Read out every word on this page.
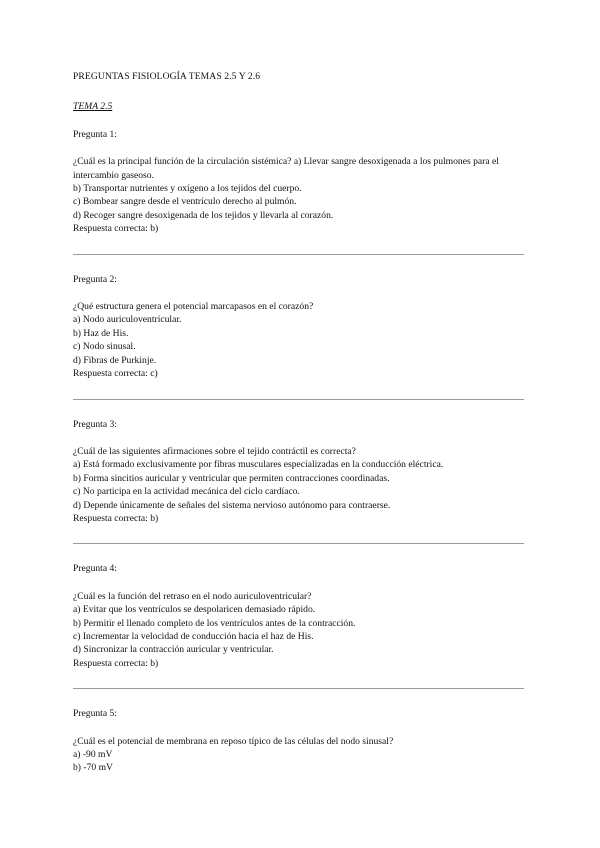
PREGUNTAS FISIOLOGÍA TEMAS 2.5 Y 2.6
TEMA 2.5

Pregunta 1:

¿Cuál es la principal función de la circulación sistémica? a) Llevar sangre desoxigenada a los pulmones para el intercambio gaseoso.

b) Transportar nutrientes y oxígeno a los tejidos del cuerpo.

c) Bombear sangre desde el ventrículo derecho al pulmón.

d) Recoger sangre desoxigenada de los tejidos y llevarla al corazón.

Respuesta correcta: b)

Pregunta 2:

¿Qué estructura genera el potencial marcapasos en el corazón?

a) Nodo auriculoventricular.

b) Haz de His.

c) Nodo sinusal.

d) Fibras de Purkinje.

Respuesta correcta: c)

Pregunta 3:

¿Cuál de las siguientes afirmaciones sobre el tejido contráctil es correcta?

a) Está formado exclusivamente por fibras musculares especializadas en la conducción eléctrica.

b) Forma sincitios auricular y ventricular que permiten contracciones coordinadas.

c) No participa en la actividad mecánica del ciclo cardíaco.

d) Depende únicamente de señales del sistema nervioso autónomo para contraerse.

Respuesta correcta: b)

Pregunta 4:

¿Cuál es la función del retraso en el nodo auriculoventricular?

a) Evitar que los ventrículos se despolaricen demasiado rápido.

b) Permitir el llenado completo de los ventrículos antes de la contracción.

c) Incrementar la velocidad de conducción hacia el haz de His.

d) Sincronizar la contracción auricular y ventricular.

Respuesta correcta: b)

Pregunta 5:

¿Cuál es el potencial de membrana en reposo típico de las células del nodo sinusal?

a) -90 mV

b) -70 mV
